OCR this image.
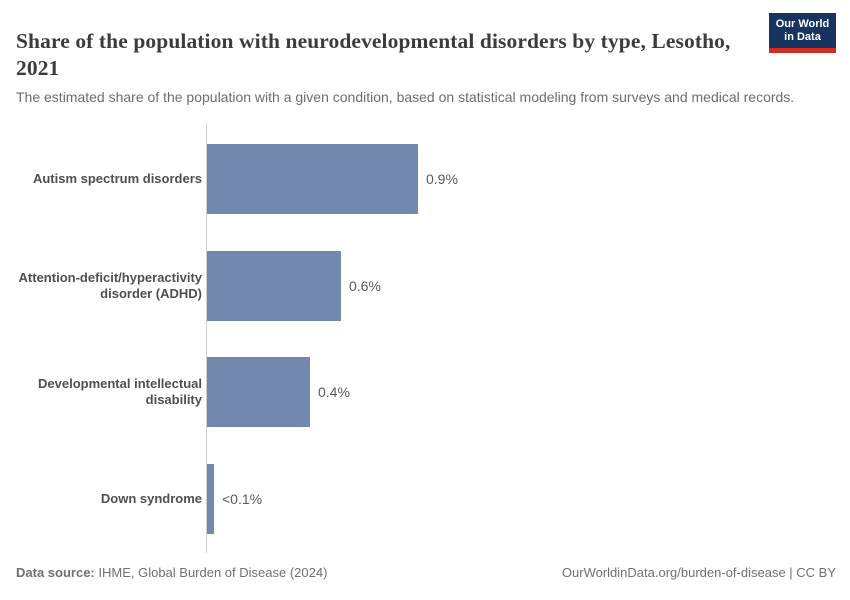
Share of the population with neurodevelopmental disorders by type, Lesotho, 2021
Our World
in Data

The estimated share of the population with a given condition, based on statistical modeling from surveys and medical records.

Autism spectrum disorders	0.9%
Attention-deficit/hyperactivity disorder (ADHD)	0.6%
Developmental intellectual disability	0.4%
Down syndrome <0.1%
Data source: IHME, Global Burden of Disease (2024)	OurWorldinData.org/burden-of-disease | CC BY
